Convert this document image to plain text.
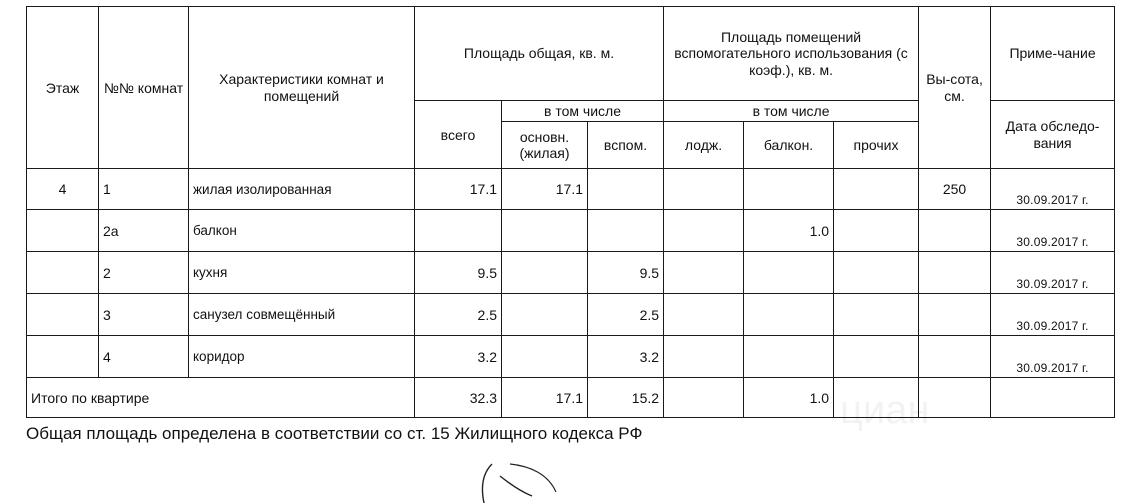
Этаж	№№ комнат	Характеристики комнат и помещений	Площадь общая, кв. м.			Площадь помещений вспомогательного использования (с коэф.), кв. м.			Вы-сота, см.	Приме-чание
			всего	в том числе		в том числе				Дата обследо-вания
				основн. (жилая)	вспом.	лодж.	балкон.	прочих		
4	1	жилая изолированная	17.1	17.1					250	30.09.2017 г.
	2а	балкон					1.0			30.09.2017 г.
	2	кухня	9.5		9.5					30.09.2017 г.
	3	санузел совмещённый	2.5		2.5					30.09.2017 г.
	4	коридор	3.2		3.2					30.09.2017 г.
Итого по квартире			32.3	17.1	15.2		1.0			циан
Общая площадь определена в соответствии со ст. 15 Жилищного кодекса РФ
